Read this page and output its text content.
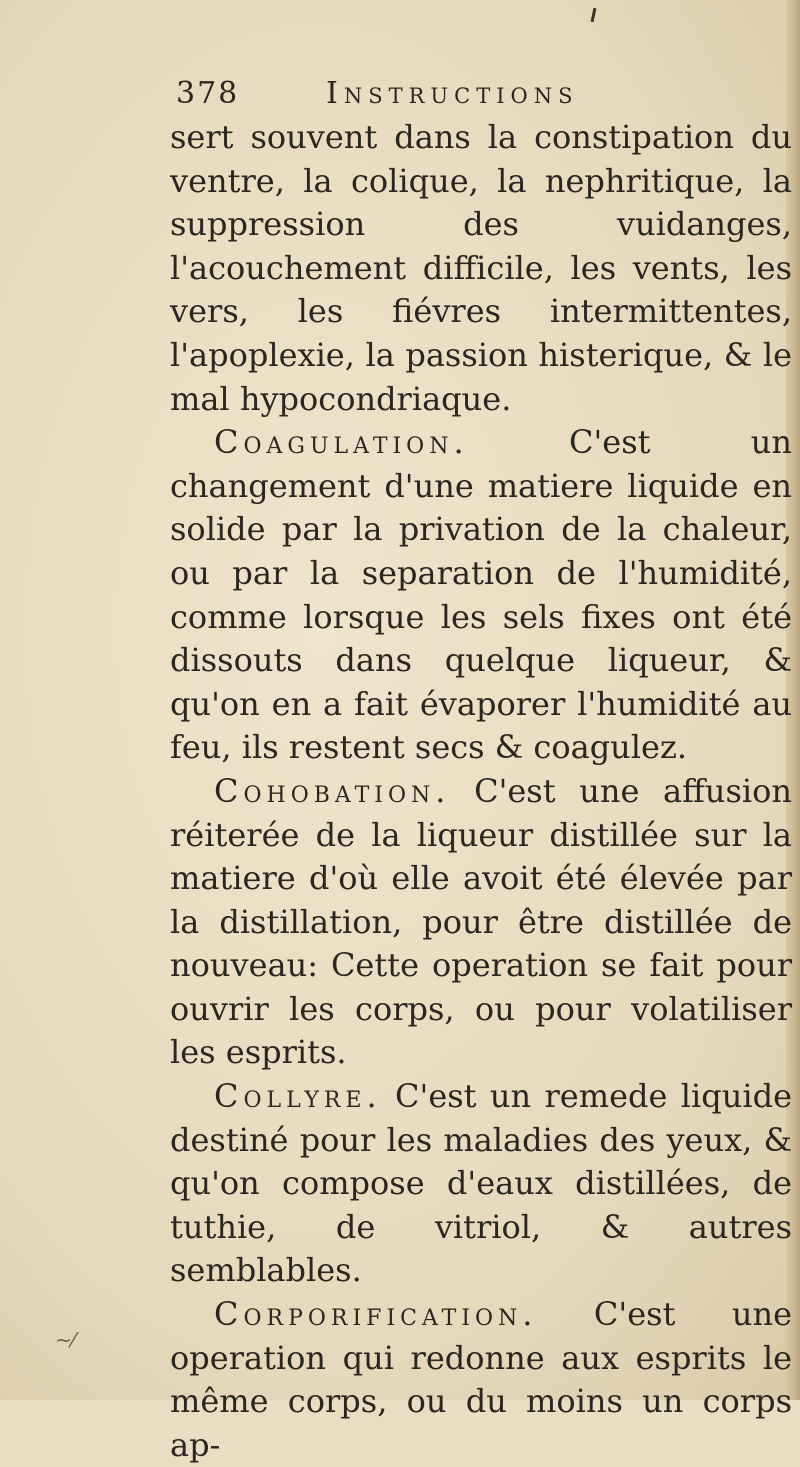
378	Instructions

sert souvent dans la constipation du ventre, la colique, la nephritique, la suppression des vuidanges, l'acouchement difficile, les vents, les vers, les fiévres intermittentes, l'apoplexie, la passion histerique, & le mal hypocondriaque.

Coagulation.	C'est un changement d'une matiere liquide en solide par la privation de la chaleur, ou par la separation de l'humidité, comme lorsque les sels fixes ont été dissouts dans quelque liqueur, & qu'on en a fait évaporer l'humidité au feu, ils restent secs & coagulez.

Cohobation. C'est une affusion réiterée de la liqueur distillée sur la matiere d'où elle avoit été élevée par la distillation, pour être distillée de nouveau: Cette operation se fait pour ouvrir les corps, ou pour volatiliser les esprits.

Collyre. C'est un remede liquide destiné pour les maladies des yeux, & qu'on compose d'eaux distillées, de tuthie, de vitriol, & autres semblables.

Corporification. C'est une operation qui redonne aux esprits le même corps, ou du moins un corps ap-

~⁄
